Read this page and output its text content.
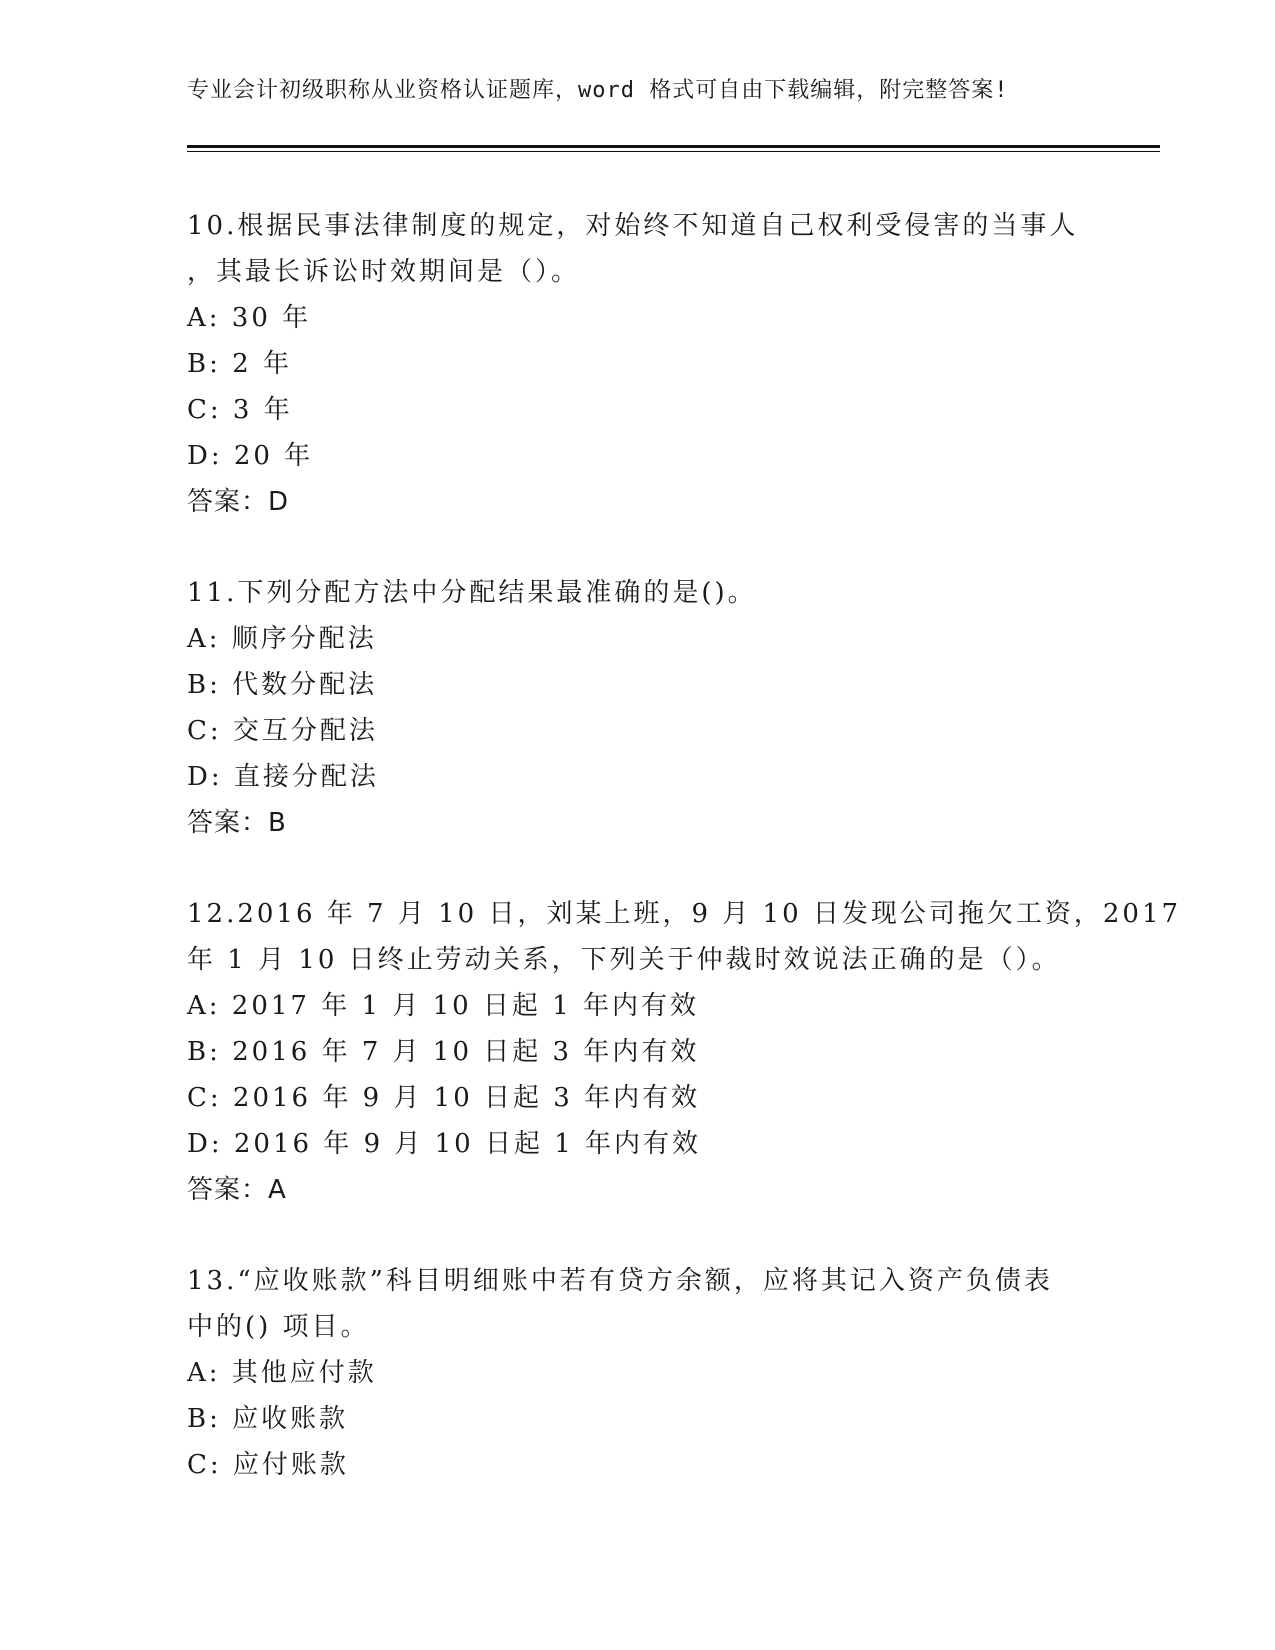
专业会计初级职称从业资格认证题库，word 格式可自由下载编辑，附完整答案!
10.根据民事法律制度的规定，对始终不知道自己权利受侵害的当事人
，其最长诉讼时效期间是（）。
A: 30 年
B: 2 年
C: 3 年
D: 20 年
答案：D
11.下列分配方法中分配结果最准确的是()。
A: 顺序分配法
B: 代数分配法
C: 交互分配法
D: 直接分配法
答案：B
12.2016 年 7 月 10 日，刘某上班，9 月 10 日发现公司拖欠工资，2017
年 1 月 10 日终止劳动关系，下列关于仲裁时效说法正确的是（）。
A: 2017 年 1 月 10 日起 1 年内有效
B: 2016 年 7 月 10 日起 3 年内有效
C: 2016 年 9 月 10 日起 3 年内有效
D: 2016 年 9 月 10 日起 1 年内有效
答案：A
13.“应收账款”科目明细账中若有贷方余额，应将其记入资产负债表
中的() 项目。
A: 其他应付款
B: 应收账款
C: 应付账款
